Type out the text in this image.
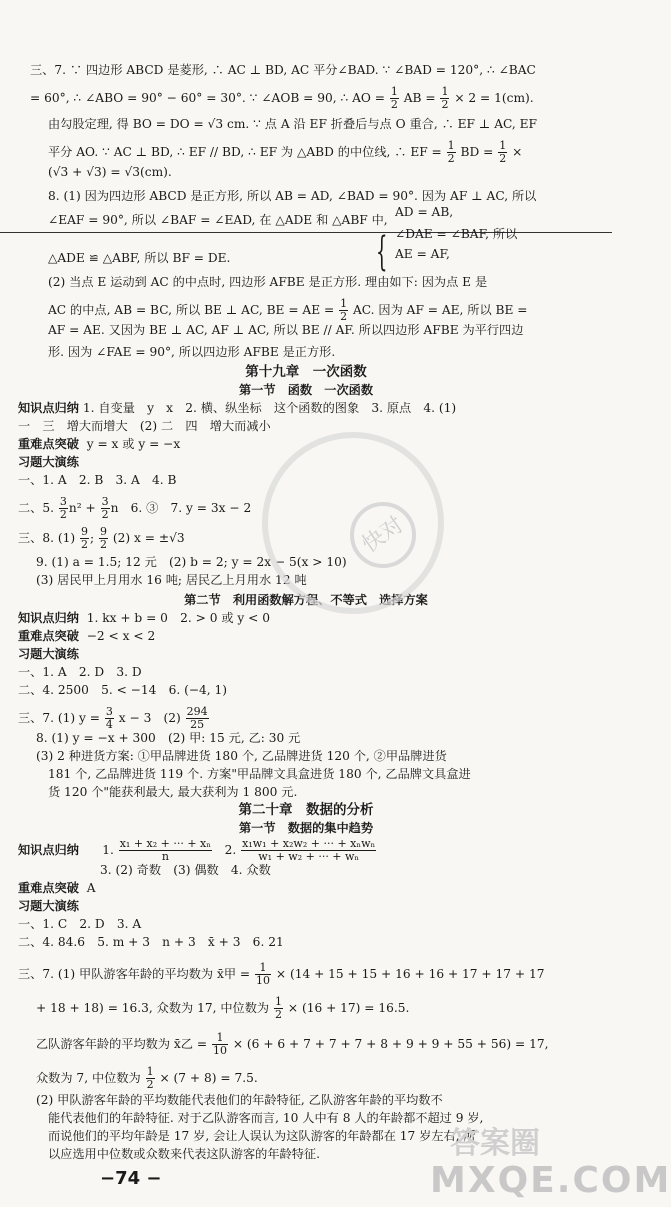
三、7. ∵ 四边形 ABCD 是菱形, ∴ AC ⊥ BD, AC 平分∠BAD. ∵ ∠BAD = 120°, ∴ ∠BAC
= 60°, ∴ ∠ABO = 90° − 60° = 30°. ∵ ∠AOB = 90, ∴ AO = $\frac{1}{2}$ AB = $\frac{1}{2} \times 2 = 1(cm)$.
由勾股定理, 得 BO = DO = √3 cm. ∵ 点 A 沿 EF 折叠后与点 O 重合, ∴ EF ⊥ AC, EF
平分 AO. ∵ AC ⊥ BD, ∴ EF // BD, ∴ EF 为 △ABD 的中位线, ∴ EF = $\frac{1}{2}$ BD = $\frac{1}{2}$ ×
(√3 + √3) = √3(cm).
8. (1) 因为四边形 ABCD 是正方形, 所以 AB = AD, ∠BAD = 90°. 因为 AF ⊥ AC, 所以
∠EAF = 90°, 所以 ∠BAF = ∠EAD, 在 △ADE 和 △ABF 中,
AD = AB,
{ ∠DAE = ∠BAF, 所以
AE = AF,
△ADE ≌ △ABF, 所以 BF = DE.
(2) 当点 E 运动到 AC 的中点时, 四边形 AFBE 是正方形. 理由如下: 因为点 E 是
AC 的中点, AB = BC, 所以 BE ⊥ AC, BE = AE = $\frac{1}{2}$ AC. 因为 AF = AE, 所以 BE =
AF = AE. 又因为 BE ⊥ AC, AF ⊥ AC, 所以 BE // AF. 所以四边形 AFBE 为平行四边
形. 因为 ∠FAE = 90°, 所以四边形 AFBE 是正方形.
第十九章　一次函数
第一节　函数　一次函数
知识点归纳 1. 自变量　y　x　2. 横、纵坐标　这个函数的图象　3. 原点　4. (1)
一　三　增大而增大　(2) 二　四　增大而减小
重难点突破 y = x 或 y = −x
习题大演练
一、1. A　2. B　3. A　4. B
二、5. $\frac{3}{2} n^2 + \frac{3}{2}$ n　6. ③　7. y = 3x − 2
三、8. $(1) \frac{9}{2}$ ; $\frac{9}{2} (2) x = \pm√3$
9. (1) a = 1.5; 12 元　(2) b = 2; y = 2x − 5(x > 10)
(3) 居民甲上月用水 16 吨; 居民乙上月用水 12 吨
第二节　利用函数解方程、不等式　选择方案
知识点归纳 1. kx + b = 0　2. > 0 或 y < 0
重难点突破 −2 < x < 2
习题大演练
一、1. A　2. D　3. D
二、4. 2500　5. < −14　6. (−4, 1)
三、7. (1) $y = \frac{3}{4}$ x − 3　$(2) \frac{294}{25}$
8. (1) y = −x + 300　(2) 甲: 15 元, 乙: 30 元
(3) 2 种进货方案: ①甲品牌进货 180 个, 乙品牌进货 120 个, ②甲品牌进货
181 个, 乙品牌进货 119 个. 方案"甲品牌文具盒进货 180 个, 乙品牌文具盒进
货 120 个"能获利最大, 最大获利为 1 800 元.
第二十章　数据的分析
第一节　数据的集中趋势
知识点归纳 1. $\frac{\text{x₁ + x₂ + ··· + xₙ}}{n} 2$. $\frac{\text{x₁w₁ + x₂w₂ + ··· + xₙwₙ}}{\text{w₁ + w₂ + ··· + wₙ}}$
3. (2) 奇数　(3) 偶数　4. 众数
重难点突破 A
习题大演练
一、1. C　2. D　3. A
二、4. 84.6　5. m + 3　n + 3　x̄ + 3　6. 21
三、7. (1) 甲队游客年龄的平均数为 x̄甲 = $\frac{1}{10} \times (14 + 15 + 15 + 16 + 16 + 17 + 17 + 17$
+ 18 + 18) = 16.3, 众数为 17, 中位数为 $\frac{1}{2} \times (16 + 17) = 16.5$.
乙队游客年龄的平均数为 x̄乙 = $\frac{1}{10} \times (6 + 6 + 7 + 7 + 7 + 8 + 9 + 9 + 55 + 56) = 17$,
众数为 7, 中位数为 $\frac{1}{2} \times (7 + 8) = 7.5$.
(2) 甲队游客年龄的平均数能代表他们的年龄特征, 乙队游客年龄的平均数不
能代表他们的年龄特征. 对于乙队游客而言, 10 人中有 8 人的年龄都不超过 9 岁,
而说他们的平均年龄是 17 岁, 会让人误认为这队游客的年龄都在 17 岁左右, 所
以应选用中位数或众数来代表这队游客的年龄特征.
−74 −
快对
答案圈
MXQE.COM
